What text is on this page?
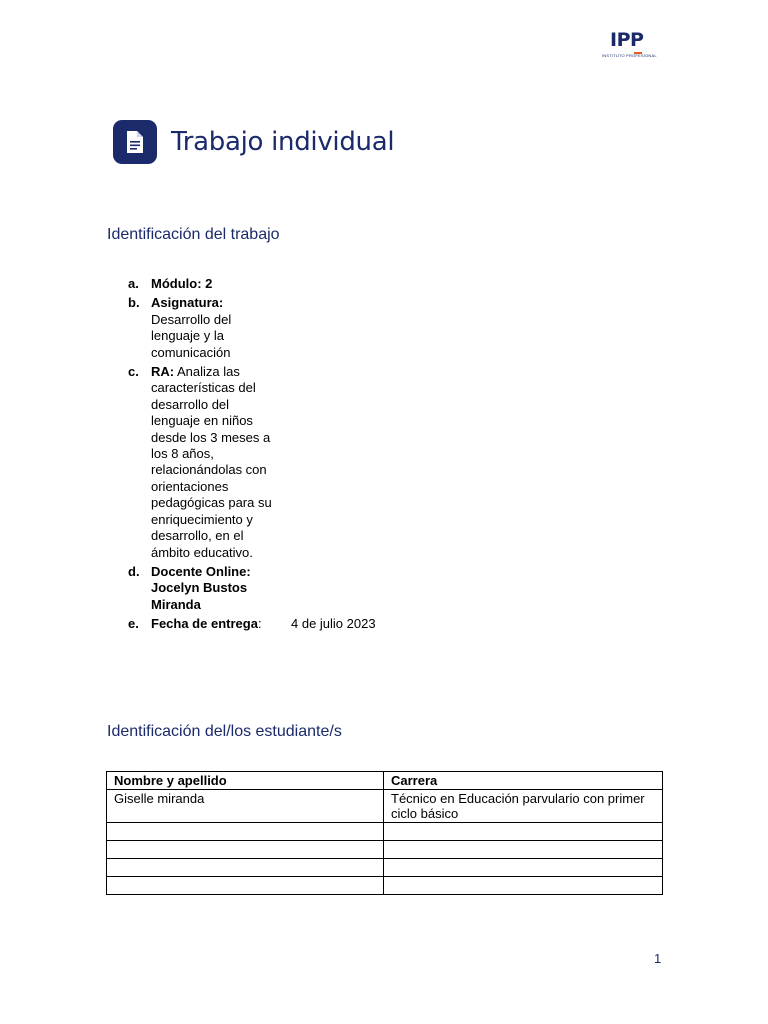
IPP
INSTITUTO PROFESIONAL
Trabajo individual
Identificación del trabajo
a. Módulo: 2
b. Asignatura:
Desarrollo del lenguaje y la comunicación
c. RA: Analiza las características del desarrollo del lenguaje en niños desde los 3 meses a los 8 años, relacionándolas con orientaciones pedagógicas para su enriquecimiento y desarrollo, en el ámbito educativo.
d. Docente Online: Jocelyn Bustos Miranda
e. Fecha de entrega: 4 de julio 2023
Identificación del/los estudiante/s
Nombre y apellido	Carrera
Giselle miranda	Técnico en Educación parvulario con primer ciclo básico

1
